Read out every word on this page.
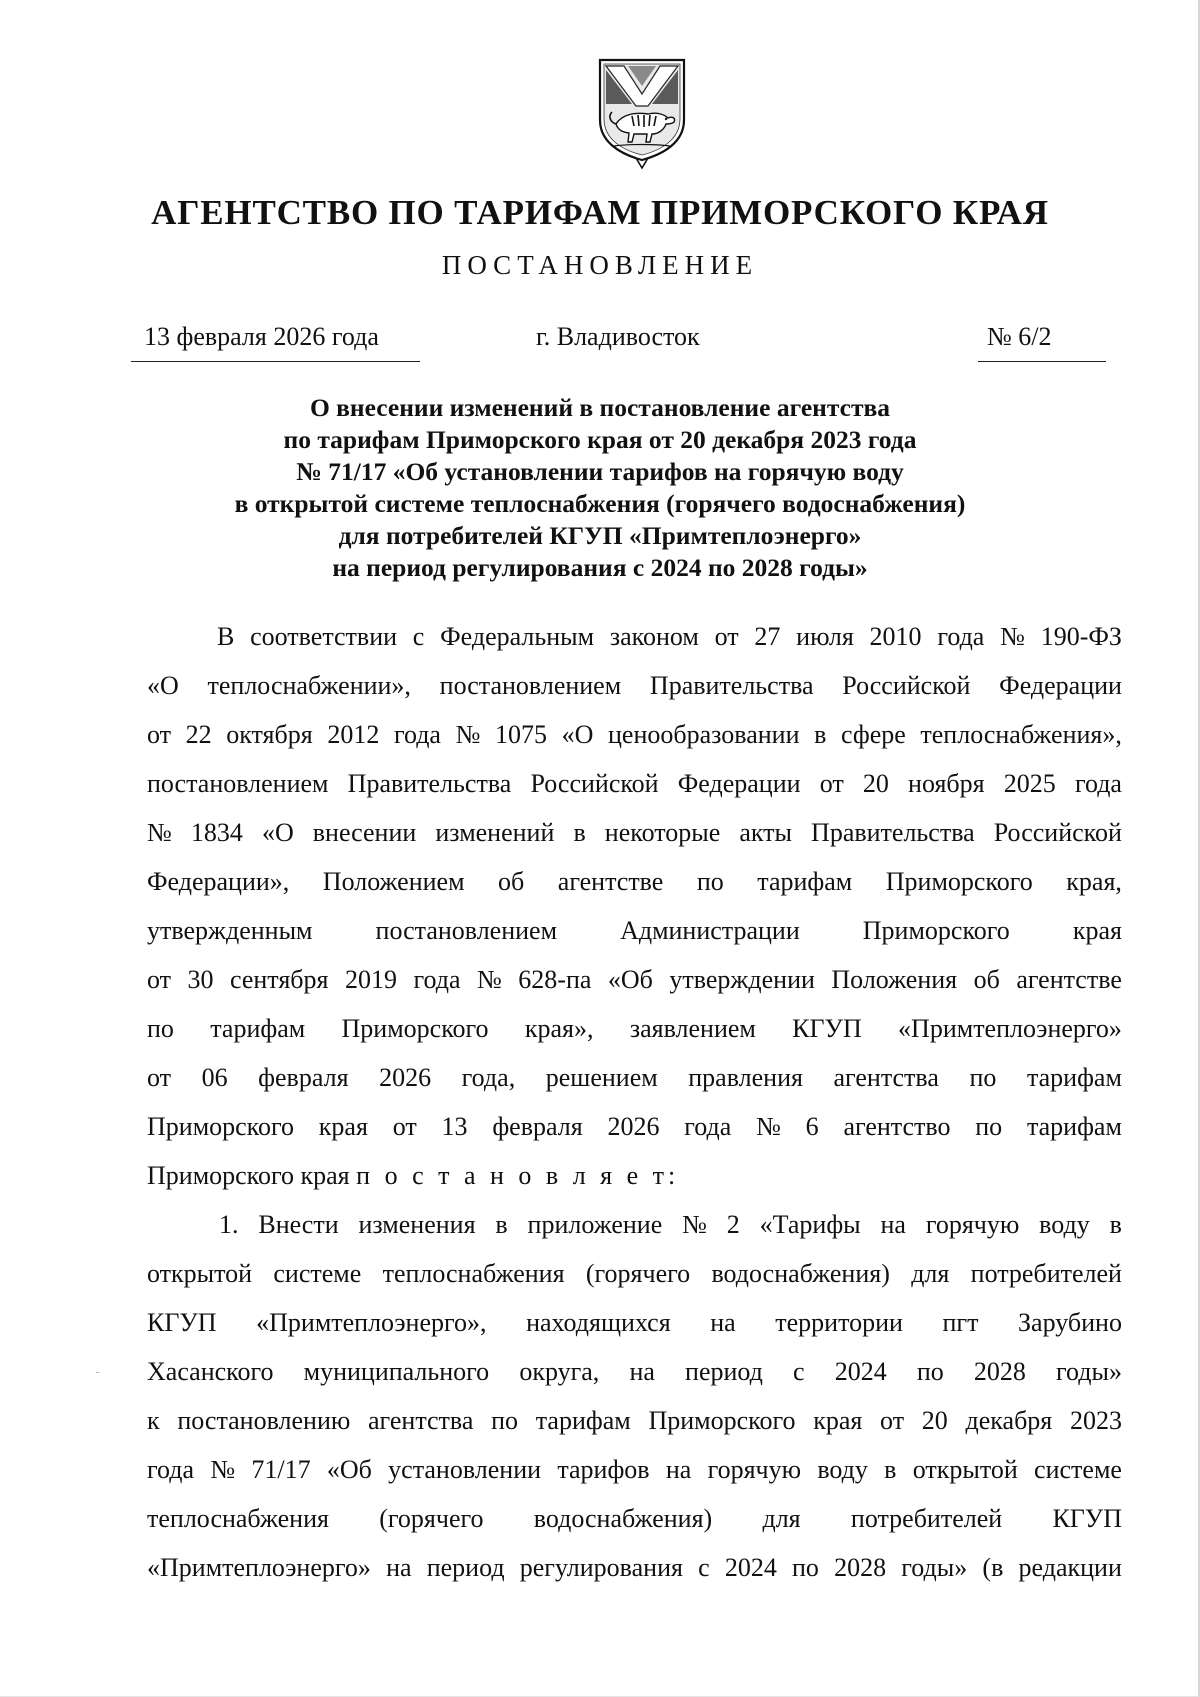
АГЕНТСТВО ПО ТАРИФАМ ПРИМОРСКОГО КРАЯ
ПОСТАНОВЛЕНИЕ
13 февраля 2026 года	г. Владивосток	№ 6/2
О внесении изменений в постановление агентства
по тарифам Приморского края от 20 декабря 2023 года
№ 71/17 «Об установлении тарифов на горячую воду
в открытой системе теплоснабжения (горячего водоснабжения)
для потребителей КГУП «Примтеплоэнерго»
на период регулирования с 2024 по 2028 годы»
В соответствии с Федеральным законом от 27 июля 2010 года № 190-ФЗ
«О теплоснабжении», постановлением Правительства Российской Федерации
от 22 октября 2012 года № 1075 «О ценообразовании в сфере теплоснабжения»,
постановлением Правительства Российской Федерации от 20 ноября 2025 года
№ 1834 «О внесении изменений в некоторые акты Правительства Российской
Федерации», Положением об агентстве по тарифам Приморского края,
утвержденным постановлением Администрации Приморского края
от 30 сентября 2019 года № 628-па «Об утверждении Положения об агентстве
по тарифам Приморского края», заявлением КГУП «Примтеплоэнерго»
от 06 февраля 2026 года, решением правления агентства по тарифам
Приморского края от 13 февраля 2026 года № 6 агентство по тарифам
Приморского края
п о с т а н о в л я е т:
1. Внести изменения в приложение № 2 «Тарифы на горячую воду в
открытой системе теплоснабжения (горячего водоснабжения) для потребителей
КГУП «Примтеплоэнерго», находящихся на территории пгт Зарубино
Хасанского муниципального округа, на период с 2024 по 2028 годы»
к постановлению агентства по тарифам Приморского края от 20 декабря 2023
года № 71/17 «Об установлении тарифов на горячую воду в открытой системе
теплоснабжения (горячего водоснабжения) для потребителей КГУП
«Примтеплоэнерго» на период регулирования с 2024 по 2028 годы» (в редакции
